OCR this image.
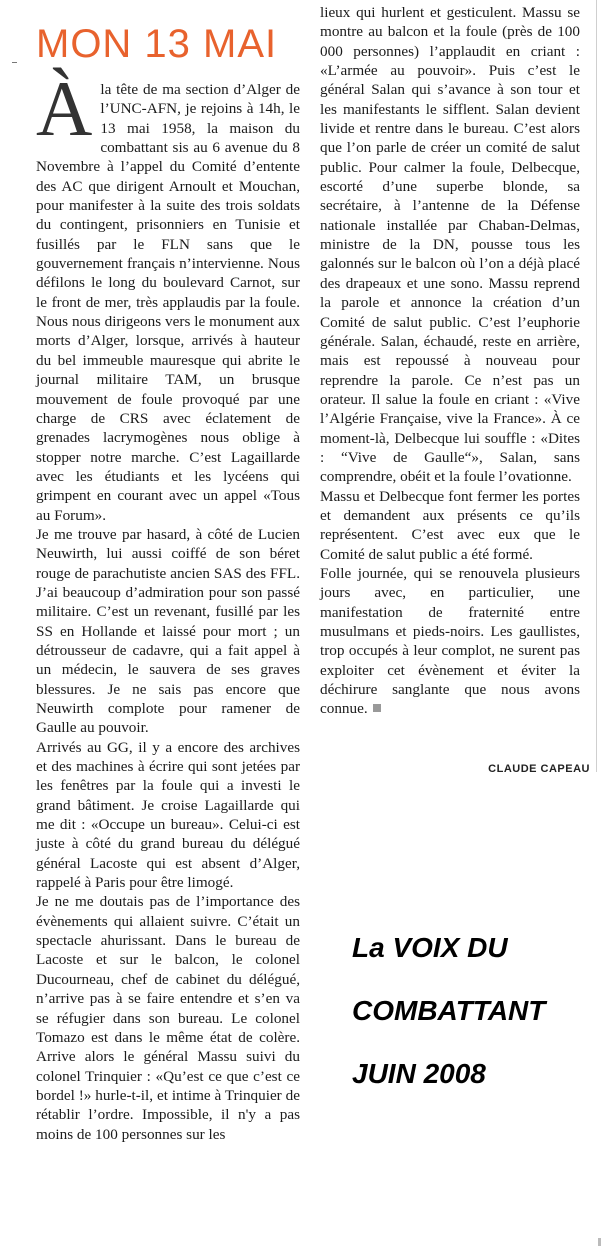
MON 13 MAI

Àla tête de ma section d’Alger de l’UNC-AFN, je rejoins à 14h, le 13 mai 1958, la maison du combattant sis au 6 avenue du 8 Novembre à l’appel du Comité d’entente des AC que dirigent Arnoult et Mouchan, pour manifester à la suite des trois soldats du contingent, prisonniers en Tunisie et fusillés par le FLN sans que le gouvernement français n’intervienne. Nous défilons le long du boulevard Carnot, sur le front de mer, très applaudis par la foule. Nous nous dirigeons vers le monument aux morts d’Alger, lorsque, arrivés à hauteur du bel immeuble mauresque qui abrite le journal militaire TAM, un brusque mouvement de foule provoqué par une charge de CRS avec éclatement de grenades lacrymogènes nous oblige à stopper notre marche. C’est Lagaillarde avec les étudiants et les lycéens qui grimpent en courant avec un appel «Tous au Forum».

Je me trouve par hasard, à côté de Lucien Neuwirth, lui aussi coiffé de son béret rouge de parachutiste ancien SAS des FFL. J’ai beaucoup d’admiration pour son passé militaire. C’est un revenant, fusillé par les SS en Hollande et laissé pour mort ; un détrousseur de cadavre, qui a fait appel à un médecin, le sauvera de ses graves blessures. Je ne sais pas encore que Neuwirth complote pour ramener de Gaulle au pouvoir.

Arrivés au GG, il y a encore des archives et des machines à écrire qui sont jetées par les fenêtres par la foule qui a investi le grand bâtiment. Je croise Lagaillarde qui me dit : «Occupe un bureau». Celui-ci est juste à côté du grand bureau du délégué général Lacoste qui est absent d’Alger, rappelé à Paris pour être limogé.

Je ne me doutais pas de l’importance des évènements qui allaient suivre. C’était un spectacle ahurissant. Dans le bureau de Lacoste et sur le balcon, le colonel Ducourneau, chef de cabinet du délégué, n’arrive pas à se faire entendre et s’en va se réfugier dans son bureau. Le colonel Tomazo est dans le même état de colère. Arrive alors le général Massu suivi du colonel Trinquier : «Qu’est ce que c’est ce bordel !» hurle-t-il, et intime à Trinquier de rétablir l’ordre. Impossible, il n'y a pas moins de 100 personnes sur les

lieux qui hurlent et gesticulent. Massu se montre au balcon et la foule (près de 100 000 personnes) l’applaudit en criant : «L’armée au pouvoir». Puis c’est le général Salan qui s’avance à son tour et les manifestants le sifflent. Salan devient livide et rentre dans le bureau. C’est alors que l’on parle de créer un comité de salut public. Pour calmer la foule, Delbecque, escorté d’une superbe blonde, sa secrétaire, à l’antenne de la Défense nationale installée par Chaban-Delmas, ministre de la DN, pousse tous les galonnés sur le balcon où l’on a déjà placé des drapeaux et une sono. Massu reprend la parole et annonce la création d’un Comité de salut public. C’est l’euphorie générale. Salan, échaudé, reste en arrière, mais est repoussé à nouveau pour reprendre la parole. Ce n’est pas un orateur. Il salue la foule en criant : «Vive l’Algérie Française, vive la France». À ce moment-là, Delbecque lui souffle : «Dites : “Vive de Gaulle“», Salan, sans comprendre, obéit et la foule l’ovationne.

Massu et Delbecque font fermer les portes et demandent aux présents ce qu’ils représentent. C’est avec eux que le Comité de salut public a été formé.

Folle journée, qui se renouvela plusieurs jours avec, en particulier, une manifestation de fraternité entre musulmans et pieds-noirs. Les gaullistes, trop occupés à leur complot, ne surent pas exploiter cet évènement et éviter la déchirure sanglante que nous avons connue.

CLAUDE CAPEAU
La VOIX DU
COMBATTANT
JUIN 2008
